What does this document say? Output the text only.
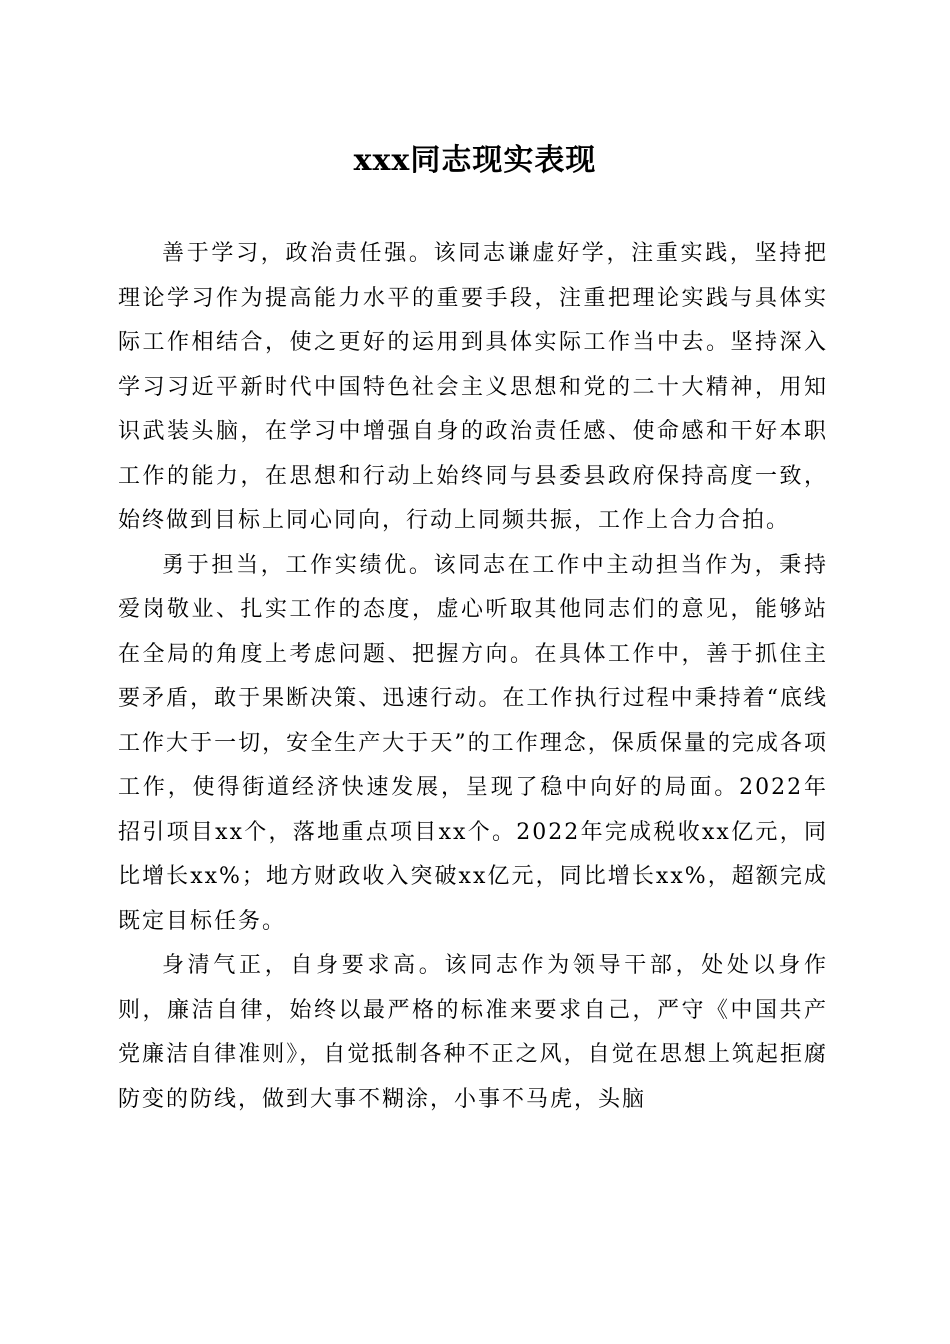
xxx同志现实表现

善于学习，政治责任强。该同志谦虚好学，注重实践，坚持把理论学习作为提高能力水平的重要手段，注重把理论实践与具体实际工作相结合，使之更好的运用到具体实际工作当中去。坚持深入学习习近平新时代中国特色社会主义思想和党的二十大精神，用知识武装头脑，在学习中增强自身的政治责任感、使命感和干好本职工作的能力，在思想和行动上始终同与县委县政府保持高度一致，始终做到目标上同心同向，行动上同频共振，工作上合力合拍。

勇于担当，工作实绩优。该同志在工作中主动担当作为，秉持爱岗敬业、扎实工作的态度，虚心听取其他同志们的意见，能够站在全局的角度上考虑问题、把握方向。在具体工作中，善于抓住主要矛盾，敢于果断决策、迅速行动。在工作执行过程中秉持着“底线工作大于一切，安全生产大于天”的工作理念，保质保量的完成各项工作，使得街道经济快速发展，呈现了稳中向好的局面。2022年招引项目xx个，落地重点项目xx个。2022年完成税收xx亿元，同比增长xx%；地方财政收入突破xx亿元，同比增长xx%，超额完成既定目标任务。

身清气正，自身要求高。该同志作为领导干部，处处以身作则，廉洁自律，始终以最严格的标准来要求自己，严守《中国共产党廉洁自律准则》，自觉抵制各种不正之风，自觉在思想上筑起拒腐防变的防线，做到大事不糊涂，小事不马虎，头脑
